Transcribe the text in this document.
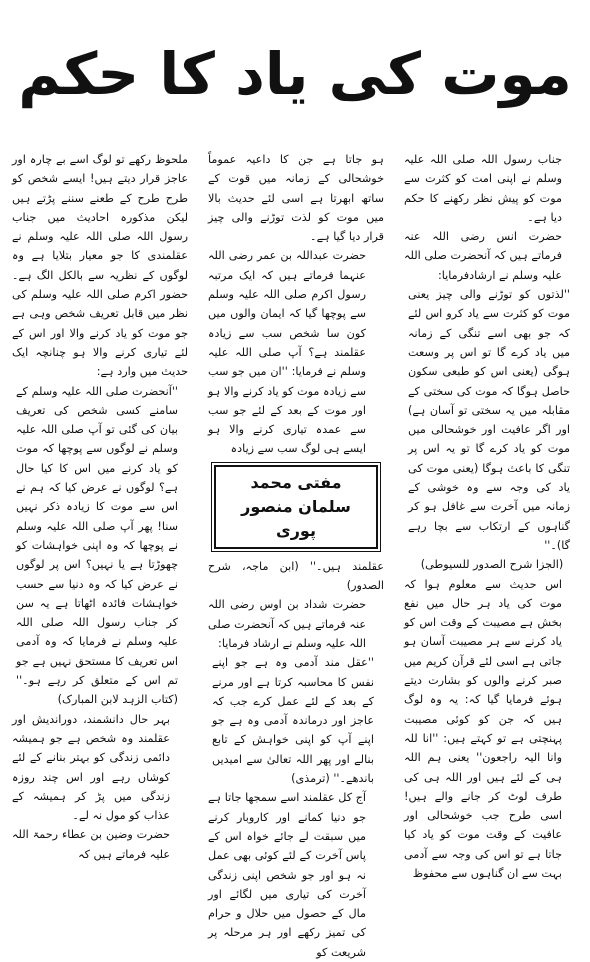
موت کی یاد کا حکم

جناب رسول اللہ صلی اللہ علیہ وسلم نے اپنی امت کو کثرت سے موت کو پیش نظر رکھنے کا حکم دیا ہے۔

حضرت انس رضی اللہ عنہ فرماتے ہیں کہ آنحضرت صلی اللہ علیہ وسلم نے ارشادفرمایا:

''لذتوں کو توڑنے والی چیز یعنی موت کو کثرت سے یاد کرو اس لئے کہ جو بھی اسے تنگی کے زمانہ میں یاد کرے گا تو اس پر وسعت ہوگی (یعنی اس کو طبعی سکون حاصل ہوگا کہ موت کی سختی کے مقابلہ میں یہ سختی تو آسان ہے) اور اگر عافیت اور خوشحالی میں موت کو یاد کرے گا تو یہ اس پر تنگی کا باعث ہوگا (یعنی موت کی یاد کی وجہ سے وہ خوشی کے زمانہ میں آخرت سے غافل ہو کر گناہوں کے ارتکاب سے بچا رہے گا)۔''

(الجزا شرح الصدور للسیوطی)

اس حدیث سے معلوم ہوا کہ موت کی یاد ہر حال میں نفع بخش ہے مصیبت کے وقت اس کو یاد کرنے سے ہر مصیبت آسان ہو جاتی ہے اسی لئے قرآن کریم میں صبر کرنے والوں کو بشارت دیتے ہوئے فرمایا گیا کہ: یہ وہ لوگ ہیں کہ جن کو کوئی مصیبت پہنچتی ہے تو کہتے ہیں: ''انا للہ وانا الیہ راجعون'' یعنی ہم اللہ ہی کے لئے ہیں اور اللہ ہی کی طرف لوٹ کر جانے والے ہیں! اسی طرح جب خوشحالی اور عافیت کے وقت موت کو یاد کیا جاتا ہے تو اس کی وجہ سے آدمی بہت سے ان گناہوں سے محفوظ

ہو جاتا ہے جن کا داعیہ عموماً خوشحالی کے زمانہ میں قوت کے ساتھ ابھرتا ہے اسی لئے حدیث بالا میں موت کو لذت توڑنے والی چیز قرار دیا گیا ہے۔

حضرت عبداللہ بن عمر رضی اللہ عنہما فرماتے ہیں کہ ایک مرتبہ رسول اکرم صلی اللہ علیہ وسلم سے پوچھا گیا کہ ایمان والوں میں کون سا شخص سب سے زیادہ عقلمند ہے؟ آپ صلی اللہ علیہ وسلم نے فرمایا: ''ان میں جو سب سے زیادہ موت کو یاد کرنے والا ہو اور موت کے بعد کے لئے جو سب سے عمدہ تیاری کرنے والا ہو ایسے ہی لوگ سب سے زیادہ

مفتی محمد سلمان منصور پوری

عقلمند ہیں۔'' (ابن ماجہ، شرح الصدور)

حضرت شداد بن اوس رضی اللہ عنہ فرماتے ہیں کہ آنحضرت صلی اللہ علیہ وسلم نے ارشاد فرمایا:

''عقل مند آدمی وہ ہے جو اپنے نفس کا محاسبہ کرتا ہے اور مرنے کے بعد کے لئے عمل کرے جب کہ عاجز اور درماندہ آدمی وہ ہے جو اپنے آپ کو اپنی خواہش کے تابع بنالے اور پھر اللہ تعالیٰ سے امیدیں باندھے۔'' (ترمذی)

آج کل عقلمند اسے سمجھا جاتا ہے جو دنیا کمانے اور کاروبار کرنے میں سبقت لے جائے خواہ اس کے پاس آخرت کے لئے کوئی بھی عمل نہ ہو اور جو شخص اپنی زندگی آخرت کی تیاری میں لگائے اور مال کے حصول میں حلال و حرام کی تمیز رکھے اور ہر مرحلہ پر شریعت کو

ملحوظ رکھے تو لوگ اسے بے چارہ اور عاجز قرار دیتے ہیں! ایسے شخص کو طرح طرح کے طعنے سننے پڑتے ہیں لیکن مذکورہ احادیث میں جناب رسول اللہ صلی اللہ علیہ وسلم نے عقلمندی کا جو معیار بتلایا ہے وہ لوگوں کے نظریہ سے بالکل الگ ہے۔ حضور اکرم صلی اللہ علیہ وسلم کی نظر میں قابل تعریف شخص وہی ہے جو موت کو یاد کرنے والا اور اس کے لئے تیاری کرنے والا ہو چنانچہ ایک حدیث میں وارد ہے:

''آنحضرت صلی اللہ علیہ وسلم کے سامنے کسی شخص کی تعریف بیان کی گئی تو آپ صلی اللہ علیہ وسلم نے لوگوں سے پوچھا کہ موت کو یاد کرنے میں اس کا کیا حال ہے؟ لوگوں نے عرض کیا کہ ہم نے اس سے موت کا زیادہ ذکر نہیں سنا! پھر آپ صلی اللہ علیہ وسلم نے پوچھا کہ وہ اپنی خواہشات کو چھوڑتا ہے یا نہیں؟ اس پر لوگوں نے عرض کیا کہ وہ دنیا سے حسب خواہشات فائدہ اٹھاتا ہے یہ سن کر جناب رسول اللہ صلی اللہ علیہ وسلم نے فرمایا کہ وہ آدمی اس تعریف کا مستحق نہیں ہے جو تم اس کے متعلق کر رہے ہو۔'' (کتاب الزہد لابن المبارک)

بہر حال دانشمند، دوراندیش اور عقلمند وہ شخص ہے جو ہمیشہ دائمی زندگی کو بہتر بنانے کے لئے کوشاں رہے اور اس چند روزہ زندگی میں پڑ کر ہمیشہ کے عذاب کو مول نہ لے۔

حضرت وضین بن عطاء رحمۃ اللہ علیہ فرماتے ہیں کہ
